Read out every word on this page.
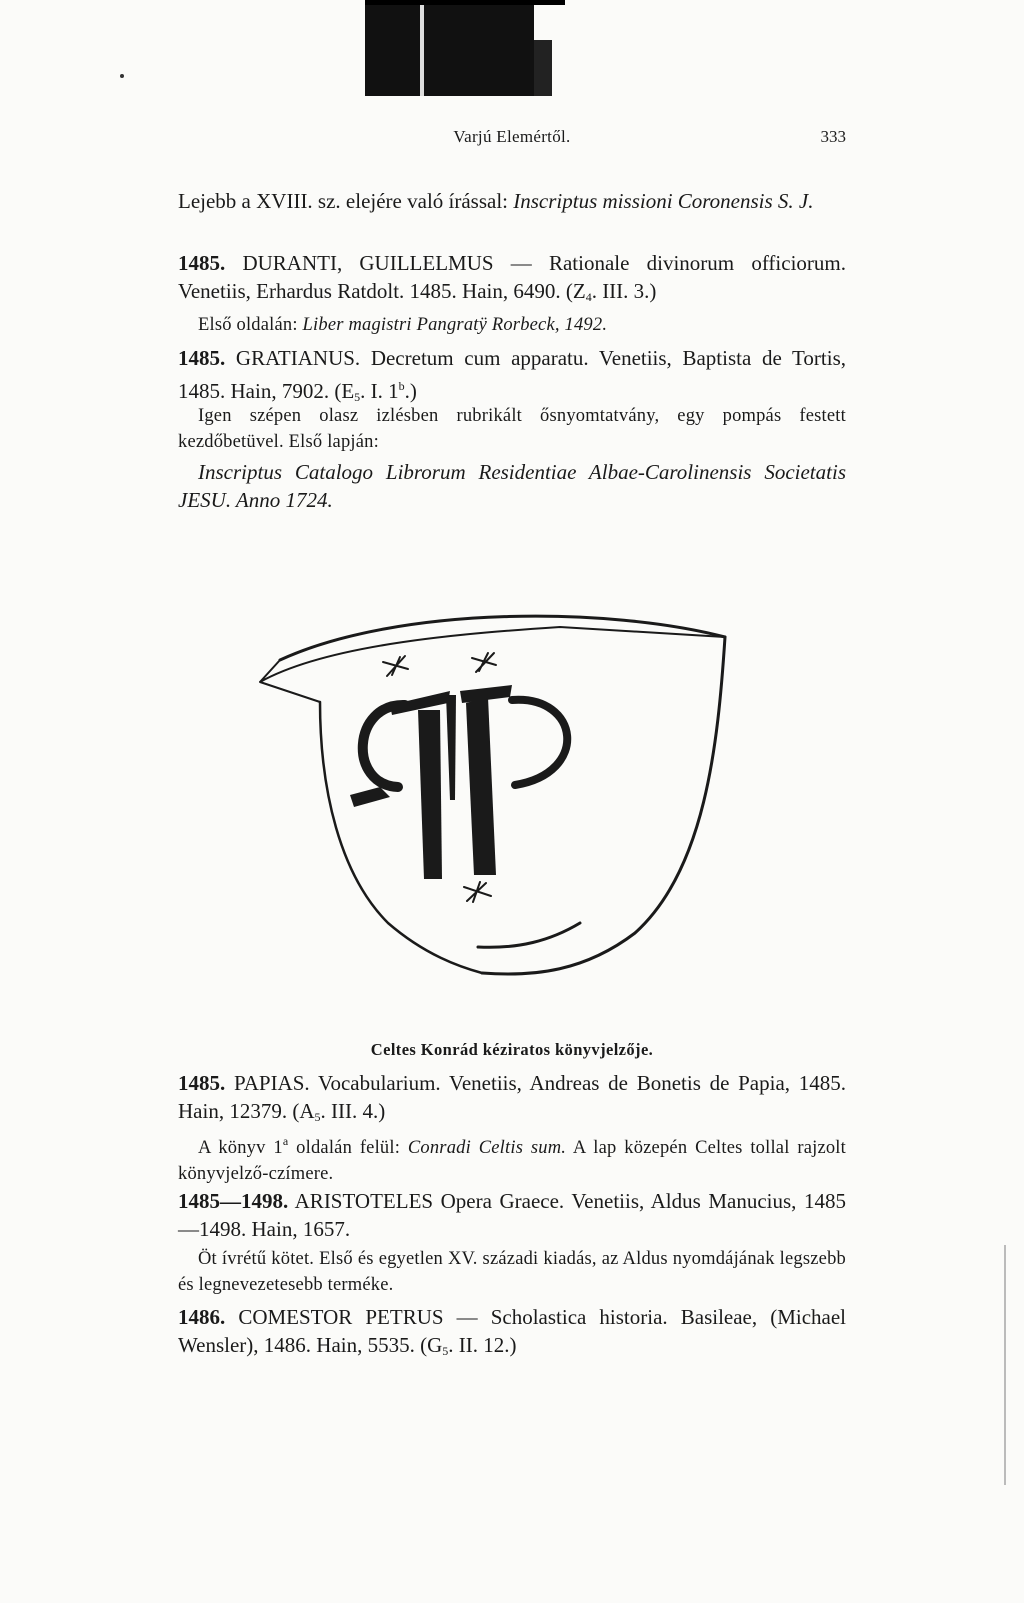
Varjú Elemértől.	333

Lejebb a XVIII. sz. elejére való írással: Inscriptus missioni Coronensis S. J.

1485. DURANTI, GUILLELMUS — Rationale divinorum officiorum. Venetiis, Erhardus Ratdolt. 1485. Hain, 6490. ($Z_4$. III. 3.)

Első oldalán: Liber magistri Pangratÿ Rorbeck, 1492.

1485. GRATIANUS. Decretum cum apparatu. Venetiis, Baptista de Tortis, 1485. Hain, 7902. ($E_5$. I. 1$^b$.)

Igen szépen olasz izlésben rubrikált ősnyomtatvány, egy pompás festett kezdőbetüvel. Első lapján:

Inscriptus Catalogo Librorum Residentiae Albae-Carolinensis Societatis JESU. Anno 1724.

Celtes Konrád kéziratos könyvjelzője.

1485. PAPIAS. Vocabularium. Venetiis, Andreas de Bonetis de Papia, 1485. Hain, 12379. ($A_5$. III. 4.)

A könyv 1$^a$ oldalán felül: Conradi Celtis sum. A lap közepén Celtes tollal rajzolt könyvjelző-czímere.

1485—1498. ARISTOTELES Opera Graece. Venetiis, Aldus Manucius, 1485—1498. Hain, 1657.

Öt ívrétű kötet. Első és egyetlen XV. századi kiadás, az Aldus nyomdájának legszebb és legnevezetesebb terméke.

1486. COMESTOR PETRUS — Scholastica historia. Basileae, (Michael Wensler), 1486. Hain, 5535. ($G_5$. II. 12.)
